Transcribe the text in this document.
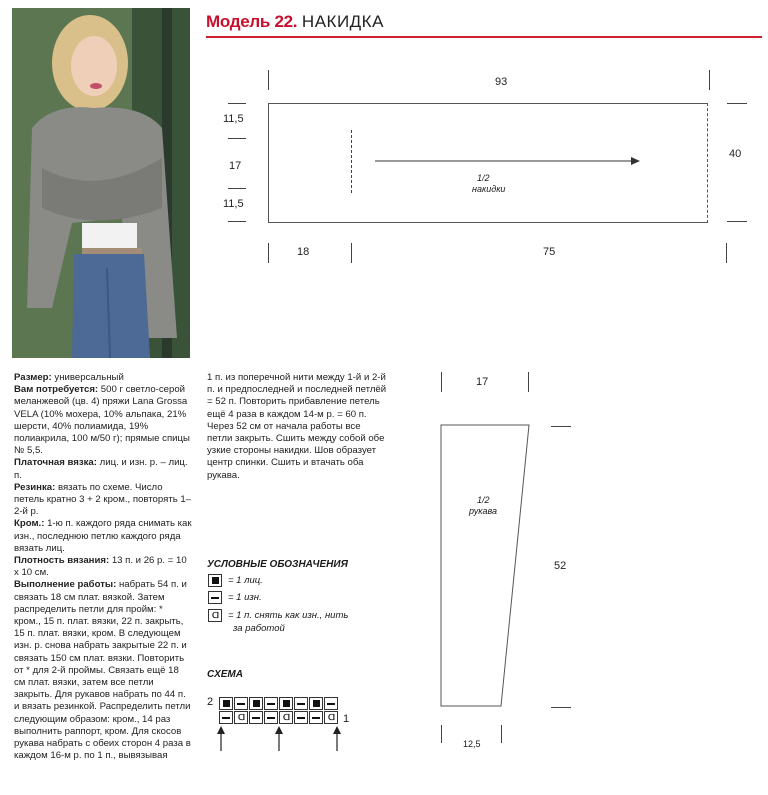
Модель 22. НАКИДКА
93
11,5
17
11,5
40
1/2
накидки
18	75
Размер: универсальный
Вам потребуется: 500 г светло-серой меланжевой (цв. 4) пряжи Lana Grossa VELA (10% мохера, 10% альпака, 21% шерсти, 40% полиамида, 19% полиакрила, 100 м/50 г); прямые спицы № 5,5.
Платочная вязка: лиц. и изн. р. – лиц. п.
Резинка: вязать по схеме. Число петель кратно 3 + 2 кром., повторять 1–2-й р.
Кром.: 1-ю п. каждого ряда снимать как изн., последнюю петлю каждого ряда вязать лиц.
Плотность вязания: 13 п. и 26 р. = 10 х 10 см.
Выполнение работы: набрать 54 п. и связать 18 см плат. вязкой. Затем распределить петли для пройм: * кром., 15 п. плат. вязки, 22 п. закрыть, 15 п. плат. вязки, кром. В следующем изн. р. снова набрать закрытые 22 п. и связать 150 см плат. вязки. Повторить от * для 2-й проймы. Связать ещё 18 см плат. вязки, затем все петли закрыть. Для рукавов набрать по 44 п. и вязать резинкой. Распределить петли следующим образом: кром., 14 раз выполнить раппорт, кром. Для скосов рукава набрать с обеих сторон 4 раза в каждом 16-м р. по 1 п., вывязывая
1 п. из поперечной нити между 1-й и 2-й п. и предпоследней и последней петлёй = 52 п. Повторить прибавление петель ещё 4 раза в каждом 14-м р. = 60 п. Через 52 см от начала работы все петли закрыть. Сшить между собой обе узкие стороны накидки. Шов образует центр спинки. Сшить и втачать оба рукава.
УСЛОВНЫЕ ОБОЗНАЧЕНИЯ
= 1 лиц.
= 1 изн.
ᑕI = 1 п. снять как изн., нить
за работой
СХЕМА
2
1
ᑕI	ᑕI	ᑕI
17
1/2
рукава
52
12,5
